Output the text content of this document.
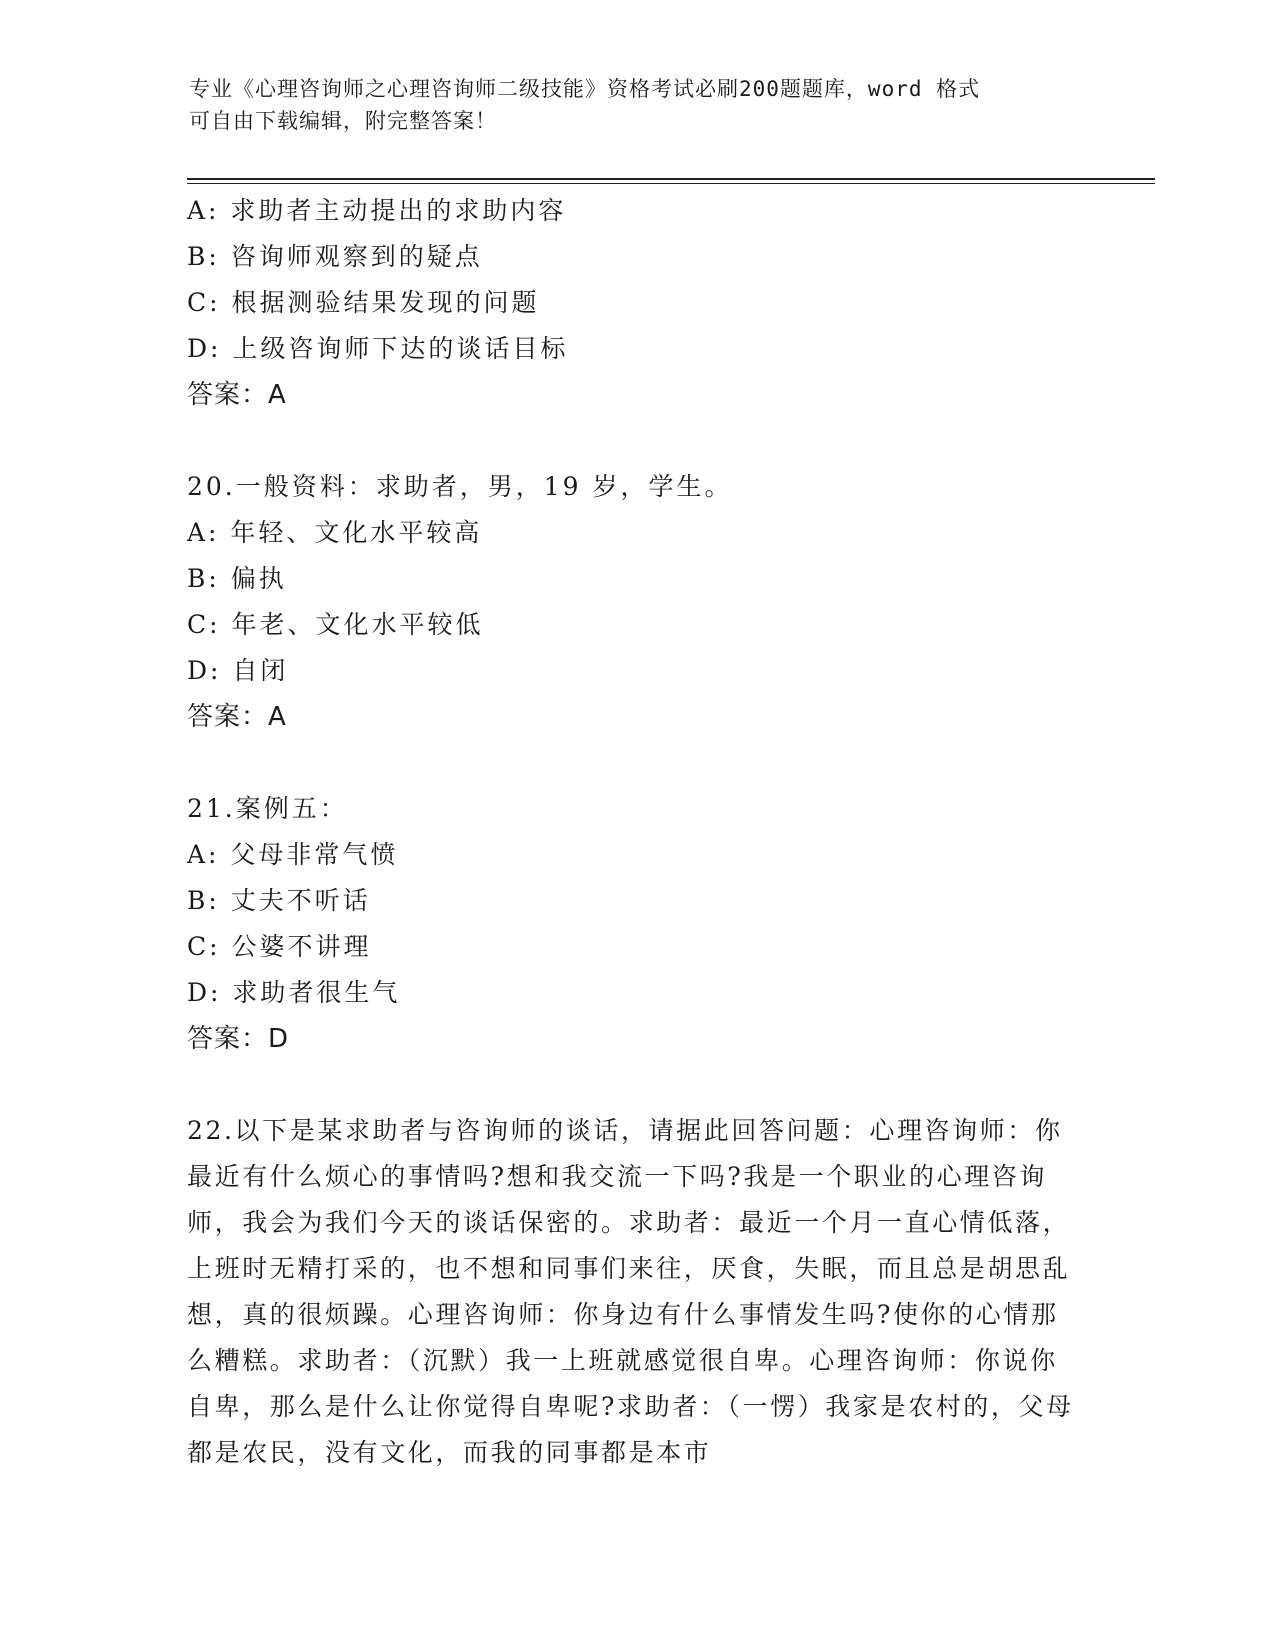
专业《心理咨询师之心理咨询师二级技能》资格考试必刷200题题库，word 格式
可自由下载编辑，附完整答案！
A: 求助者主动提出的求助内容
B: 咨询师观察到的疑点
C: 根据测验结果发现的问题
D: 上级咨询师下达的谈话目标
答案：A
20.一般资料：求助者，男，19 岁，学生。
A: 年轻、文化水平较高
B: 偏执
C: 年老、文化水平较低
D: 自闭
答案：A
21.案例五：
A: 父母非常气愤
B: 丈夫不听话
C: 公婆不讲理
D: 求助者很生气
答案：D

22.以下是某求助者与咨询师的谈话，请据此回答问题：心理咨询师：你最近有什么烦心的事情吗?想和我交流一下吗?我是一个职业的心理咨询师，我会为我们今天的谈话保密的。求助者：最近一个月一直心情低落，上班时无精打采的，也不想和同事们来往，厌食，失眠，而且总是胡思乱想，真的很烦躁。心理咨询师：你身边有什么事情发生吗?使你的心情那么糟糕。求助者：（沉默）我一上班就感觉很自卑。心理咨询师：你说你自卑，那么是什么让你觉得自卑呢?求助者：（一愣）我家是农村的，父母都是农民，没有文化，而我的同事都是本市
